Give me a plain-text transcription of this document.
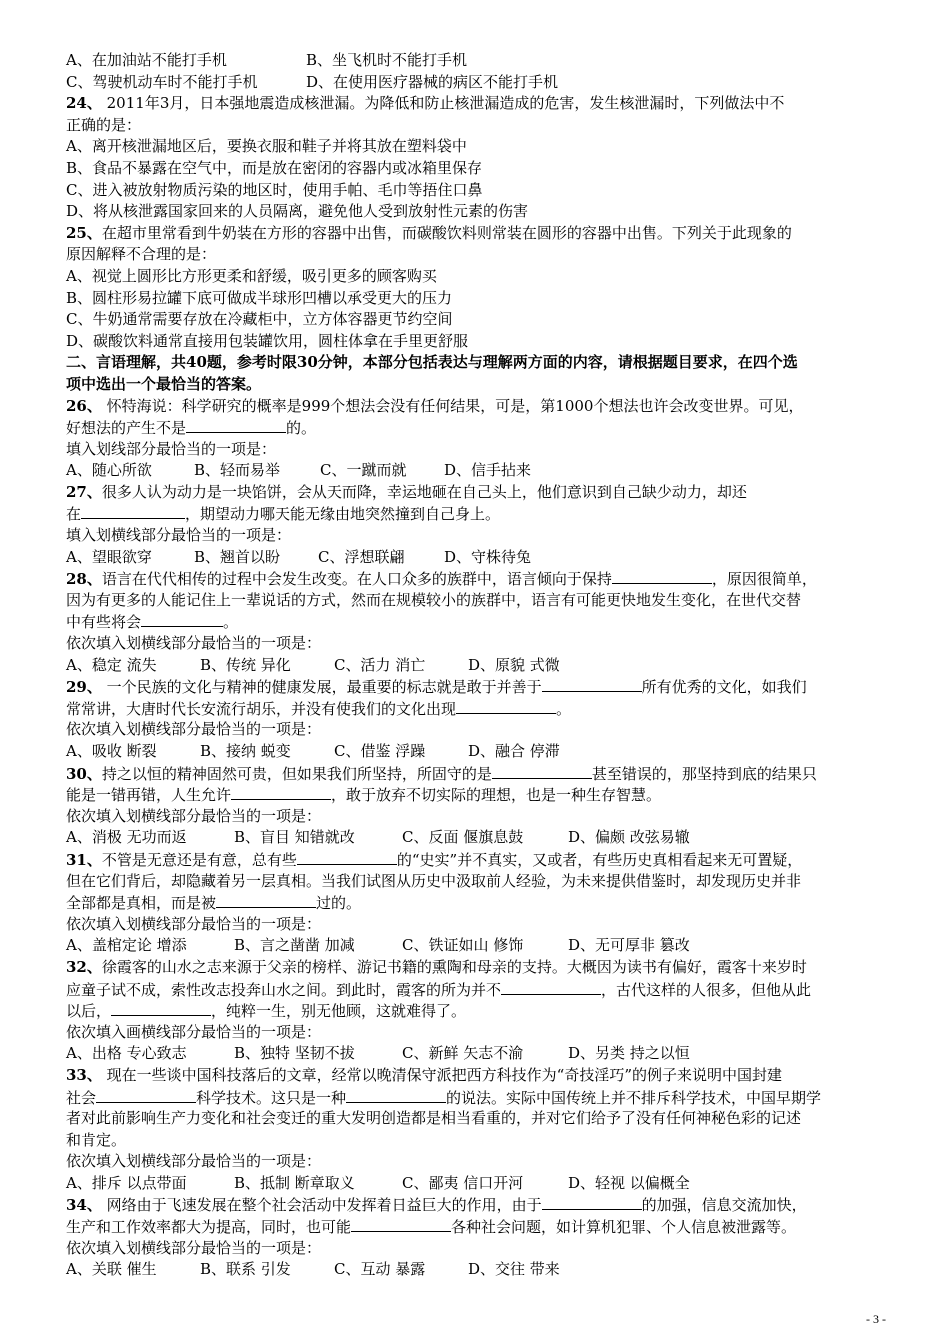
A、在加油站不能打手机	B、坐飞机时不能打手机
C、驾驶机动车时不能打手机	D、在使用医疗器械的病区不能打手机
24、 2011年3月，日本强地震造成核泄漏。为降低和防止核泄漏造成的危害，发生核泄漏时，下列做法中不
正确的是：
A、离开核泄漏地区后，要换衣服和鞋子并将其放在塑料袋中
B、食品不暴露在空气中，而是放在密闭的容器内或冰箱里保存
C、进入被放射物质污染的地区时，使用手帕、毛巾等捂住口鼻
D、将从核泄露国家回来的人员隔离，避免他人受到放射性元素的伤害
25、在超市里常看到牛奶装在方形的容器中出售，而碳酸饮料则常装在圆形的容器中出售。下列关于此现象的
原因解释不合理的是：
A、视觉上圆形比方形更柔和舒缓，吸引更多的顾客购买
B、圆柱形易拉罐下底可做成半球形凹槽以承受更大的压力
C、牛奶通常需要存放在冷藏柜中，立方体容器更节约空间
D、碳酸饮料通常直接用包装罐饮用，圆柱体拿在手里更舒服
二、言语理解，共40题，参考时限30分钟，本部分包括表达与理解两方面的内容，请根据题目要求，在四个选
项中选出一个最恰当的答案。
26、 怀特海说：科学研究的概率是999个想法会没有任何结果，可是，第1000个想法也许会改变世界。可见，
好想法的产生不是	的。
填入划线部分最恰当的一项是：
A、随心所欲	B、轻而易举	C、一蹴而就	D、信手拈来
27、很多人认为动力是一块馅饼，会从天而降，幸运地砸在自己头上，他们意识到自己缺少动力，却还
在	，期望动力哪天能无缘由地突然撞到自己身上。
填入划横线部分最恰当的一项是：
A、望眼欲穿	B、翘首以盼	C、浮想联翩	D、守株待兔
28、语言在代代相传的过程中会发生改变。在人口众多的族群中，语言倾向于保持	，原因很简单，
因为有更多的人能记住上一辈说话的方式，然而在规模较小的族群中，语言有可能更快地发生变化，在世代交替
中有些将会	。
依次填入划横线部分最恰当的一项是：
A、稳定 流失	B、传统 异化	C、活力 消亡	D、原貌 式微
29、 一个民族的文化与精神的健康发展，最重要的标志就是敢于并善于	所有优秀的文化，如我们
常常讲，大唐时代长安流行胡乐，并没有使我们的文化出现	。
依次填入划横线部分最恰当的一项是：
A、吸收 断裂	B、接纳 蜕变	C、借鉴 浮躁	D、融合 停滞
30、持之以恒的精神固然可贵，但如果我们所坚持，所固守的是	甚至错误的，那坚持到底的结果只
能是一错再错，人生允许	，敢于放弃不切实际的理想，也是一种生存智慧。
依次填入划横线部分最恰当的一项是：
A、消极 无功而返	B、盲目 知错就改	C、反面 偃旗息鼓	D、偏颇 改弦易辙
31、不管是无意还是有意，总有些	的“史实”并不真实，又或者，有些历史真相看起来无可置疑，
但在它们背后，却隐藏着另一层真相。当我们试图从历史中汲取前人经验，为未来提供借鉴时，却发现历史并非
全部都是真相，而是被	过的。
依次填入划横线部分最恰当的一项是：
A、盖棺定论 增添	B、言之凿凿 加减	C、铁证如山 修饰	D、无可厚非 篡改
32、徐霞客的山水之志来源于父亲的榜样、游记书籍的熏陶和母亲的支持。大概因为读书有偏好，霞客十来岁时
应童子试不成，索性改志投奔山水之间。到此时，霞客的所为并不	，古代这样的人很多，但他从此
以后，	，纯粹一生，别无他顾，这就难得了。
依次填入画横线部分最恰当的一项是：
A、出格 专心致志	B、独特 坚韧不拔	C、新鲜 矢志不渝	D、另类 持之以恒
33、 现在一些谈中国科技落后的文章，经常以晚清保守派把西方科技作为“奇技淫巧”的例子来说明中国封建
社会	科学技术。这只是一种	的说法。实际中国传统上并不排斥科学技术，中国早期学
者对此前影响生产力变化和社会变迁的重大发明创造都是相当看重的，并对它们给予了没有任何神秘色彩的记述
和肯定。
依次填入划横线部分最恰当的一项是：
A、排斥 以点带面	B、抵制 断章取义	C、鄙夷 信口开河	D、轻视 以偏概全
34、 网络由于飞速发展在整个社会活动中发挥着日益巨大的作用，由于	的加强，信息交流加快，
生产和工作效率都大为提高，同时，也可能	各种社会问题，如计算机犯罪、个人信息被泄露等。
依次填入划横线部分最恰当的一项是：
A、关联 催生	B、联系 引发	C、互动 暴露	D、交往 带来
- 3 -
